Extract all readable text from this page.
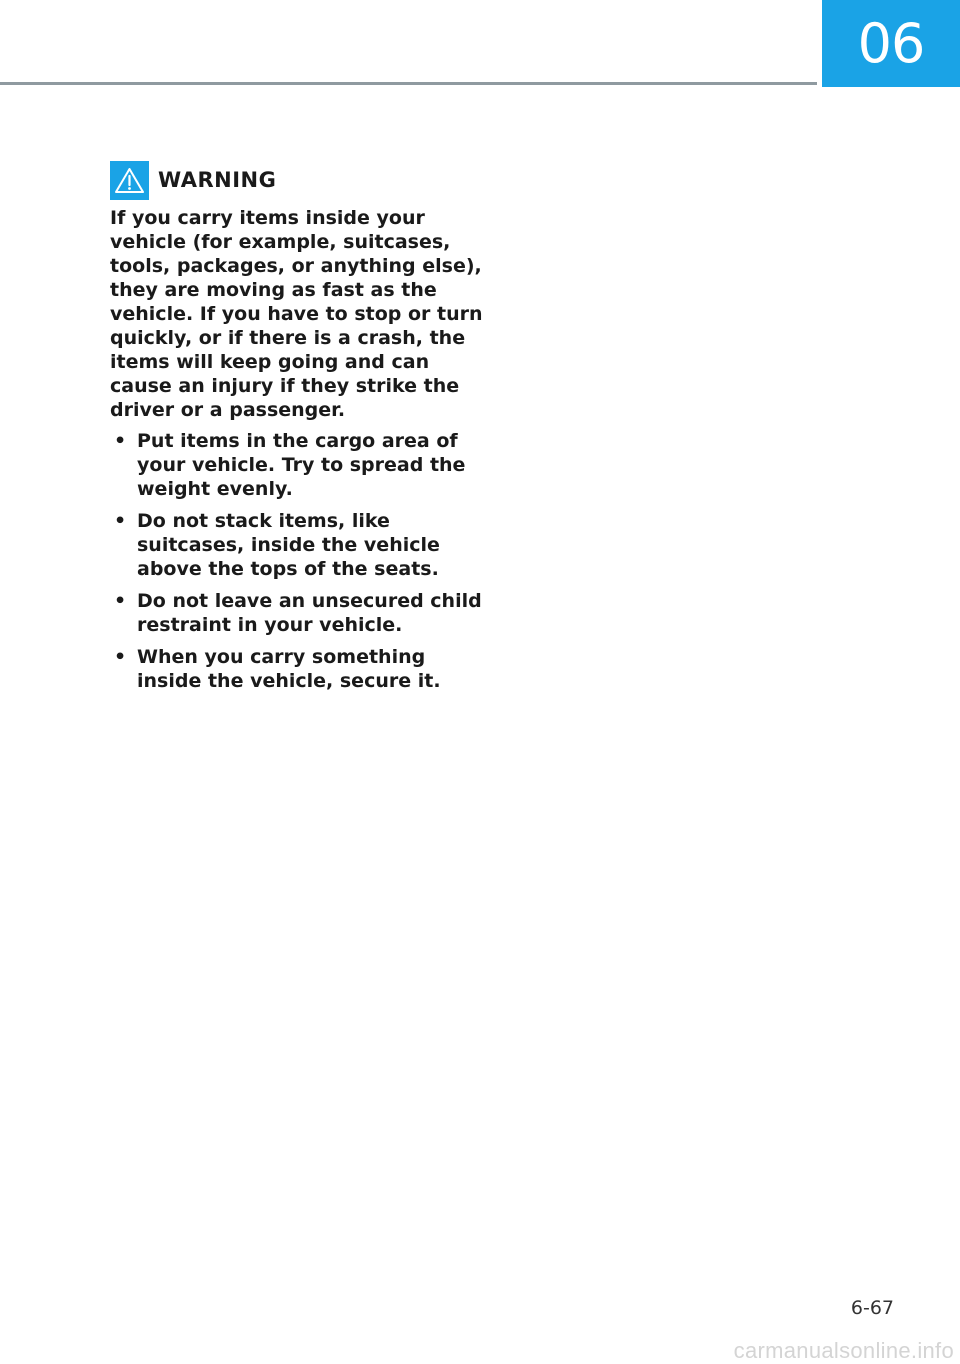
06
WARNING

If you carry items inside your vehicle (for example, suitcases, tools, packages, or anything else), they are moving as fast as the vehicle. If you have to stop or turn quickly, or if there is a crash, the items will keep going and can cause an injury if they strike the driver or a passenger.

• Put items in the cargo area of your vehicle. Try to spread the weight evenly.
• Do not stack items, like suitcases, inside the vehicle above the tops of the seats.
• Do not leave an unsecured child restraint in your vehicle.
• When you carry something inside the vehicle, secure it.
6-67
carmanualsonline.info
